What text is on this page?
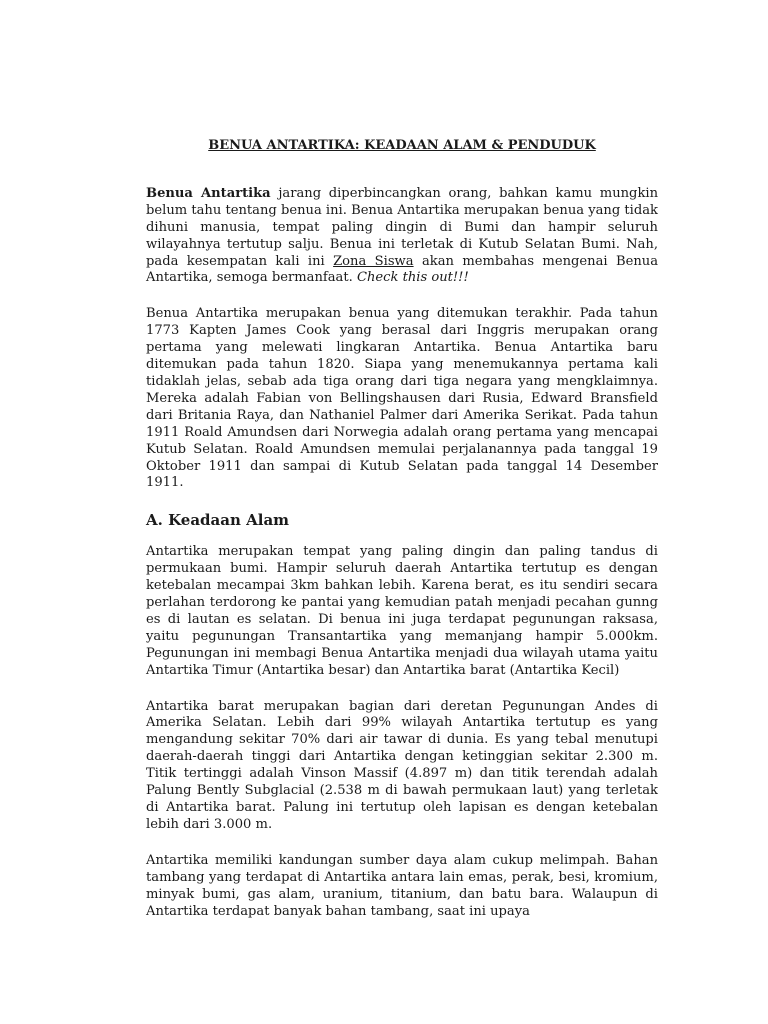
BENUA ANTARTIKA: KEADAAN ALAM & PENDUDUK

Benua Antartika jarang diperbincangkan orang, bahkan kamu mungkin belum tahu tentang benua ini. Benua Antartika merupakan benua yang tidak dihuni manusia, tempat paling dingin di Bumi dan hampir seluruh wilayahnya tertutup salju. Benua ini terletak di Kutub Selatan Bumi. Nah, pada kesempatan kali ini Zona Siswa akan membahas mengenai Benua Antartika, semoga bermanfaat. Check this out!!!

Benua Antartika merupakan benua yang ditemukan terakhir. Pada tahun 1773 Kapten James Cook yang berasal dari Inggris merupakan orang pertama yang melewati lingkaran Antartika. Benua Antartika baru ditemukan pada tahun 1820. Siapa yang menemukannya pertama kali tidaklah jelas, sebab ada tiga orang dari tiga negara yang mengklaimnya. Mereka adalah Fabian von Bellingshausen dari Rusia, Edward Bransfield dari Britania Raya, dan Nathaniel Palmer dari Amerika Serikat. Pada tahun 1911 Roald Amundsen dari Norwegia adalah orang pertama yang mencapai Kutub Selatan. Roald Amundsen memulai perjalanannya pada tanggal 19 Oktober 1911 dan sampai di Kutub Selatan pada tanggal 14 Desember 1911.

A. Keadaan Alam

Antartika merupakan tempat yang paling dingin dan paling tandus di permukaan bumi. Hampir seluruh daerah Antartika tertutup es dengan ketebalan mecampai 3km bahkan lebih. Karena berat, es itu sendiri secara perlahan terdorong ke pantai yang kemudian patah menjadi pecahan gunng es di lautan es selatan. Di benua ini juga terdapat pegunungan raksasa, yaitu pegunungan Transantartika yang memanjang hampir 5.000km. Pegunungan ini membagi Benua Antartika menjadi dua wilayah utama yaitu Antartika Timur (Antartika besar) dan Antartika barat (Antartika Kecil)

Antartika barat merupakan bagian dari deretan Pegunungan Andes di Amerika Selatan. Lebih dari 99% wilayah Antartika tertutup es yang mengandung sekitar 70% dari air tawar di dunia. Es yang tebal menutupi daerah-daerah tinggi dari Antartika dengan ketinggian sekitar 2.300 m. Titik tertinggi adalah Vinson Massif (4.897 m) dan titik terendah adalah Palung Bently Subglacial (2.538 m di bawah permukaan laut) yang terletak di Antartika barat. Palung ini tertutup oleh lapisan es dengan ketebalan lebih dari 3.000 m.

Antartika memiliki kandungan sumber daya alam cukup melimpah. Bahan tambang yang terdapat di Antartika antara lain emas, perak, besi, kromium, minyak bumi, gas alam, uranium, titanium, dan batu bara. Walaupun di Antartika terdapat banyak bahan tambang, saat ini upaya
